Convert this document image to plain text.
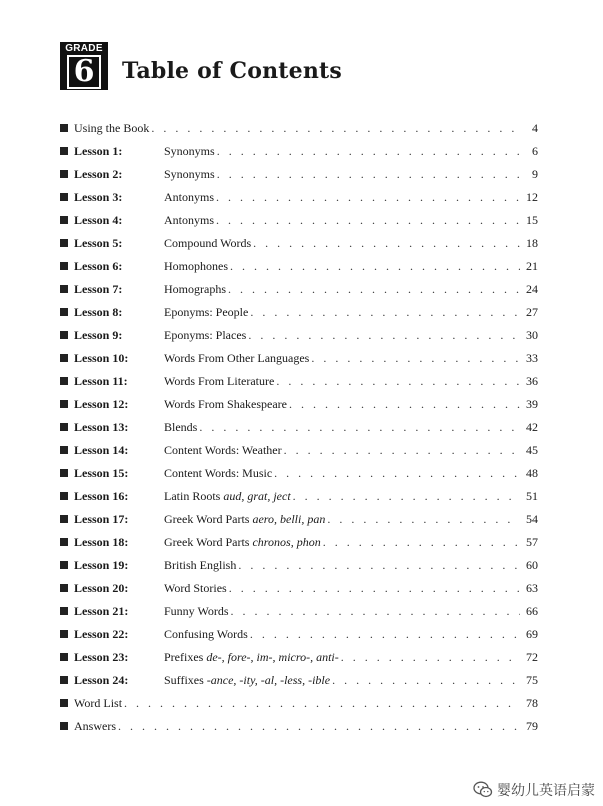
GRADE
6 Table of Contents
Using the Book . . .	4
Lesson 1:	Synonyms . . .	6
Lesson 2:	Synonyms . . .	9
Lesson 3:	Antonyms . . .	12
Lesson 4:	Antonyms . . .	15
Lesson 5:	Compound Words . . .	18
Lesson 6:	Homophones . . .	21
Lesson 7:	Homographs . . .	24
Lesson 8:	Eponyms: People . . .	27
Lesson 9:	Eponyms: Places . . .	30
Lesson 10:	Words From Other Languages . . .	33
Lesson 11:	Words From Literature . . .	36
Lesson 12:	Words From Shakespeare . . .	39
Lesson 13:	Blends . . .	42
Lesson 14:	Content Words: Weather . . .	45
Lesson 15:	Content Words: Music . . .	48
Lesson 16:	Latin Roots aud, grat, ject . . .	51
Lesson 17:	Greek Word Parts aero, belli, pan . . .	54
Lesson 18:	Greek Word Parts chronos, phon . . .	57
Lesson 19:	British English . . .	60
Lesson 20:	Word Stories . . .	63
Lesson 21:	Funny Words . . .	66
Lesson 22:	Confusing Words . . .	69
Lesson 23:	Prefixes de-, fore-, im-, micro-, anti- . . .	72
Lesson 24:	Suffixes -ance, -ity, -al, -less, -ible . . .	75
Word List . . .	78
Answers . . .	79
婴幼儿英语启蒙
